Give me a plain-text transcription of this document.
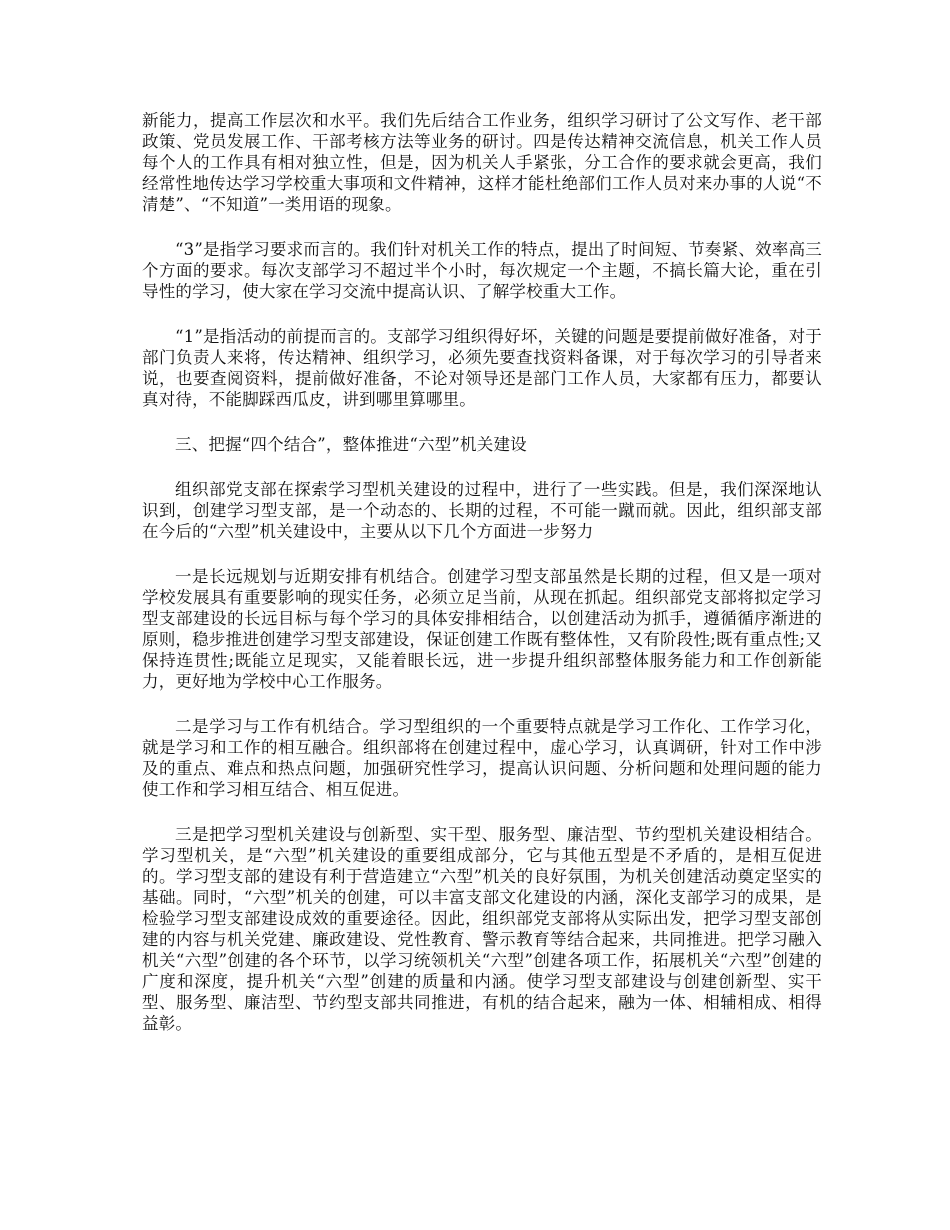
新能力，提高工作层次和水平。我们先后结合工作业务，组织学习研讨了公文写作、老干部政策、党员发展工作、干部考核方法等业务的研讨。四是传达精神交流信息，机关工作人员每个人的工作具有相对独立性，但是，因为机关人手紧张，分工合作的要求就会更高，我们经常性地传达学习学校重大事项和文件精神，这样才能杜绝部们工作人员对来办事的人说“不清楚”、“不知道”一类用语的现象。

“3”是指学习要求而言的。我们针对机关工作的特点，提出了时间短、节奏紧、效率高三个方面的要求。每次支部学习不超过半个小时，每次规定一个主题，不搞长篇大论，重在引导性的学习，使大家在学习交流中提高认识、了解学校重大工作。

“1”是指活动的前提而言的。支部学习组织得好坏，关键的问题是要提前做好准备，对于部门负责人来将，传达精神、组织学习，必须先要查找资料备课，对于每次学习的引导者来说，也要查阅资料，提前做好准备，不论对领导还是部门工作人员，大家都有压力，都要认真对待，不能脚踩西瓜皮，讲到哪里算哪里。

三、把握“四个结合”，整体推进“六型”机关建设

组织部党支部在探索学习型机关建设的过程中，进行了一些实践。但是，我们深深地认识到，创建学习型支部，是一个动态的、长期的过程，不可能一蹴而就。因此，组织部支部在今后的“六型”机关建设中，主要从以下几个方面进一步努力

一是长远规划与近期安排有机结合。创建学习型支部虽然是长期的过程，但又是一项对学校发展具有重要影响的现实任务，必须立足当前，从现在抓起。组织部党支部将拟定学习型支部建设的长远目标与每个学习的具体安排相结合，以创建活动为抓手，遵循循序渐进的原则，稳步推进创建学习型支部建设，保证创建工作既有整体性，又有阶段性;既有重点性;又保持连贯性;既能立足现实，又能着眼长远，进一步提升组织部整体服务能力和工作创新能力，更好地为学校中心工作服务。

二是学习与工作有机结合。学习型组织的一个重要特点就是学习工作化、工作学习化，就是学习和工作的相互融合。组织部将在创建过程中，虚心学习，认真调研，针对工作中涉及的重点、难点和热点问题，加强研究性学习，提高认识问题、分析问题和处理问题的能力使工作和学习相互结合、相互促进。

三是把学习型机关建设与创新型、实干型、服务型、廉洁型、节约型机关建设相结合。学习型机关，是“六型”机关建设的重要组成部分，它与其他五型是不矛盾的，是相互促进的。学习型支部的建设有利于营造建立“六型”机关的良好氛围，为机关创建活动奠定坚实的基础。同时，“六型”机关的创建，可以丰富支部文化建设的内涵，深化支部学习的成果，是检验学习型支部建设成效的重要途径。因此，组织部党支部将从实际出发，把学习型支部创建的内容与机关党建、廉政建设、党性教育、警示教育等结合起来，共同推进。把学习融入机关“六型”创建的各个环节，以学习统领机关“六型”创建各项工作，拓展机关“六型”创建的广度和深度，提升机关“六型”创建的质量和内涵。使学习型支部建设与创建创新型、实干型、服务型、廉洁型、节约型支部共同推进，有机的结合起来，融为一体、相辅相成、相得益彰。
